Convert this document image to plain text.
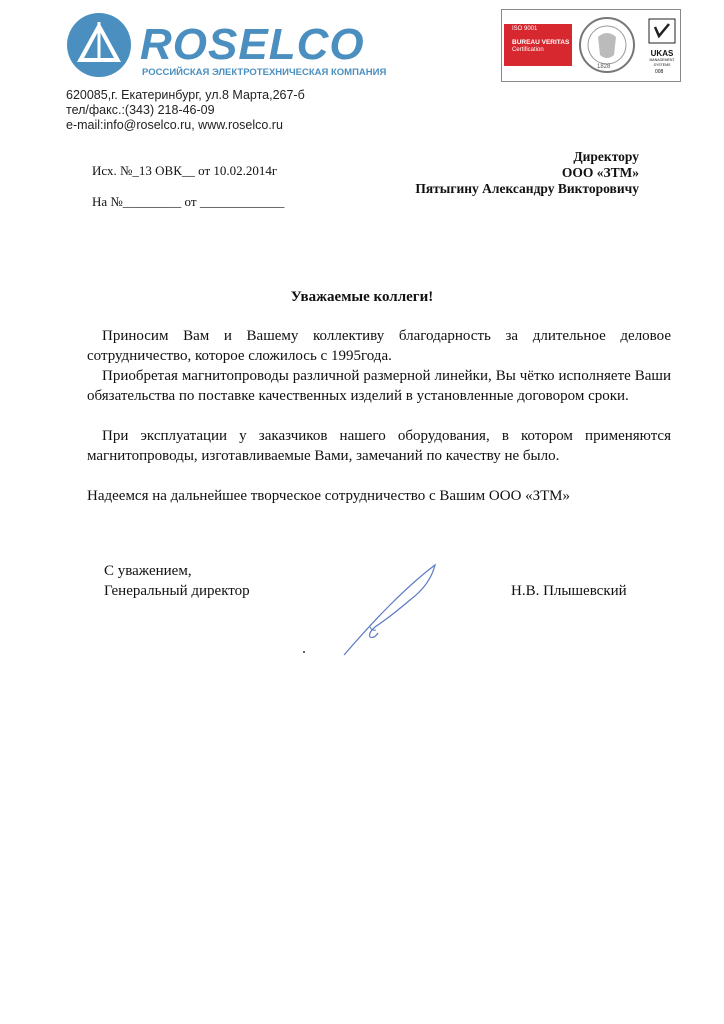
ROSELCO
РОССИЙСКАЯ ЭЛЕКТРОТЕХНИЧЕСКАЯ КОМПАНИЯ
620085,г. Екатеринбург, ул.8 Марта,267-б
тел/факс.:(343) 218-46-09
e-mail:info@roselco.ru, www.roselco.ru
ISO 9001
BUREAU VERITAS
Certification
1828
UKAS
MANAGEMENT SYSTEMS
008
Исх. №_13 ОВК__ от 10.02.2014г
На №_________ от _____________
Директору
ООО «ЗТМ»
Пятыгину Александру Викторовичу
Уважаемые коллеги!
Приносим Вам и Вашему коллективу благодарность за длительное деловое сотрудничество, которое сложилось с 1995года.
Приобретая магнитопроводы различной размерной линейки, Вы чётко исполняете Ваши обязательства по поставке качественных изделий в установленные договором сроки.
При эксплуатации у заказчиков нашего оборудования, в котором применяются магнитопроводы, изготавливаемые Вами, замечаний по качеству не было.
Надеемся на дальнейшее творческое сотрудничество с Вашим ООО «ЗТМ»
С уважением,
Генеральный директор	Н.В. Плышевский
